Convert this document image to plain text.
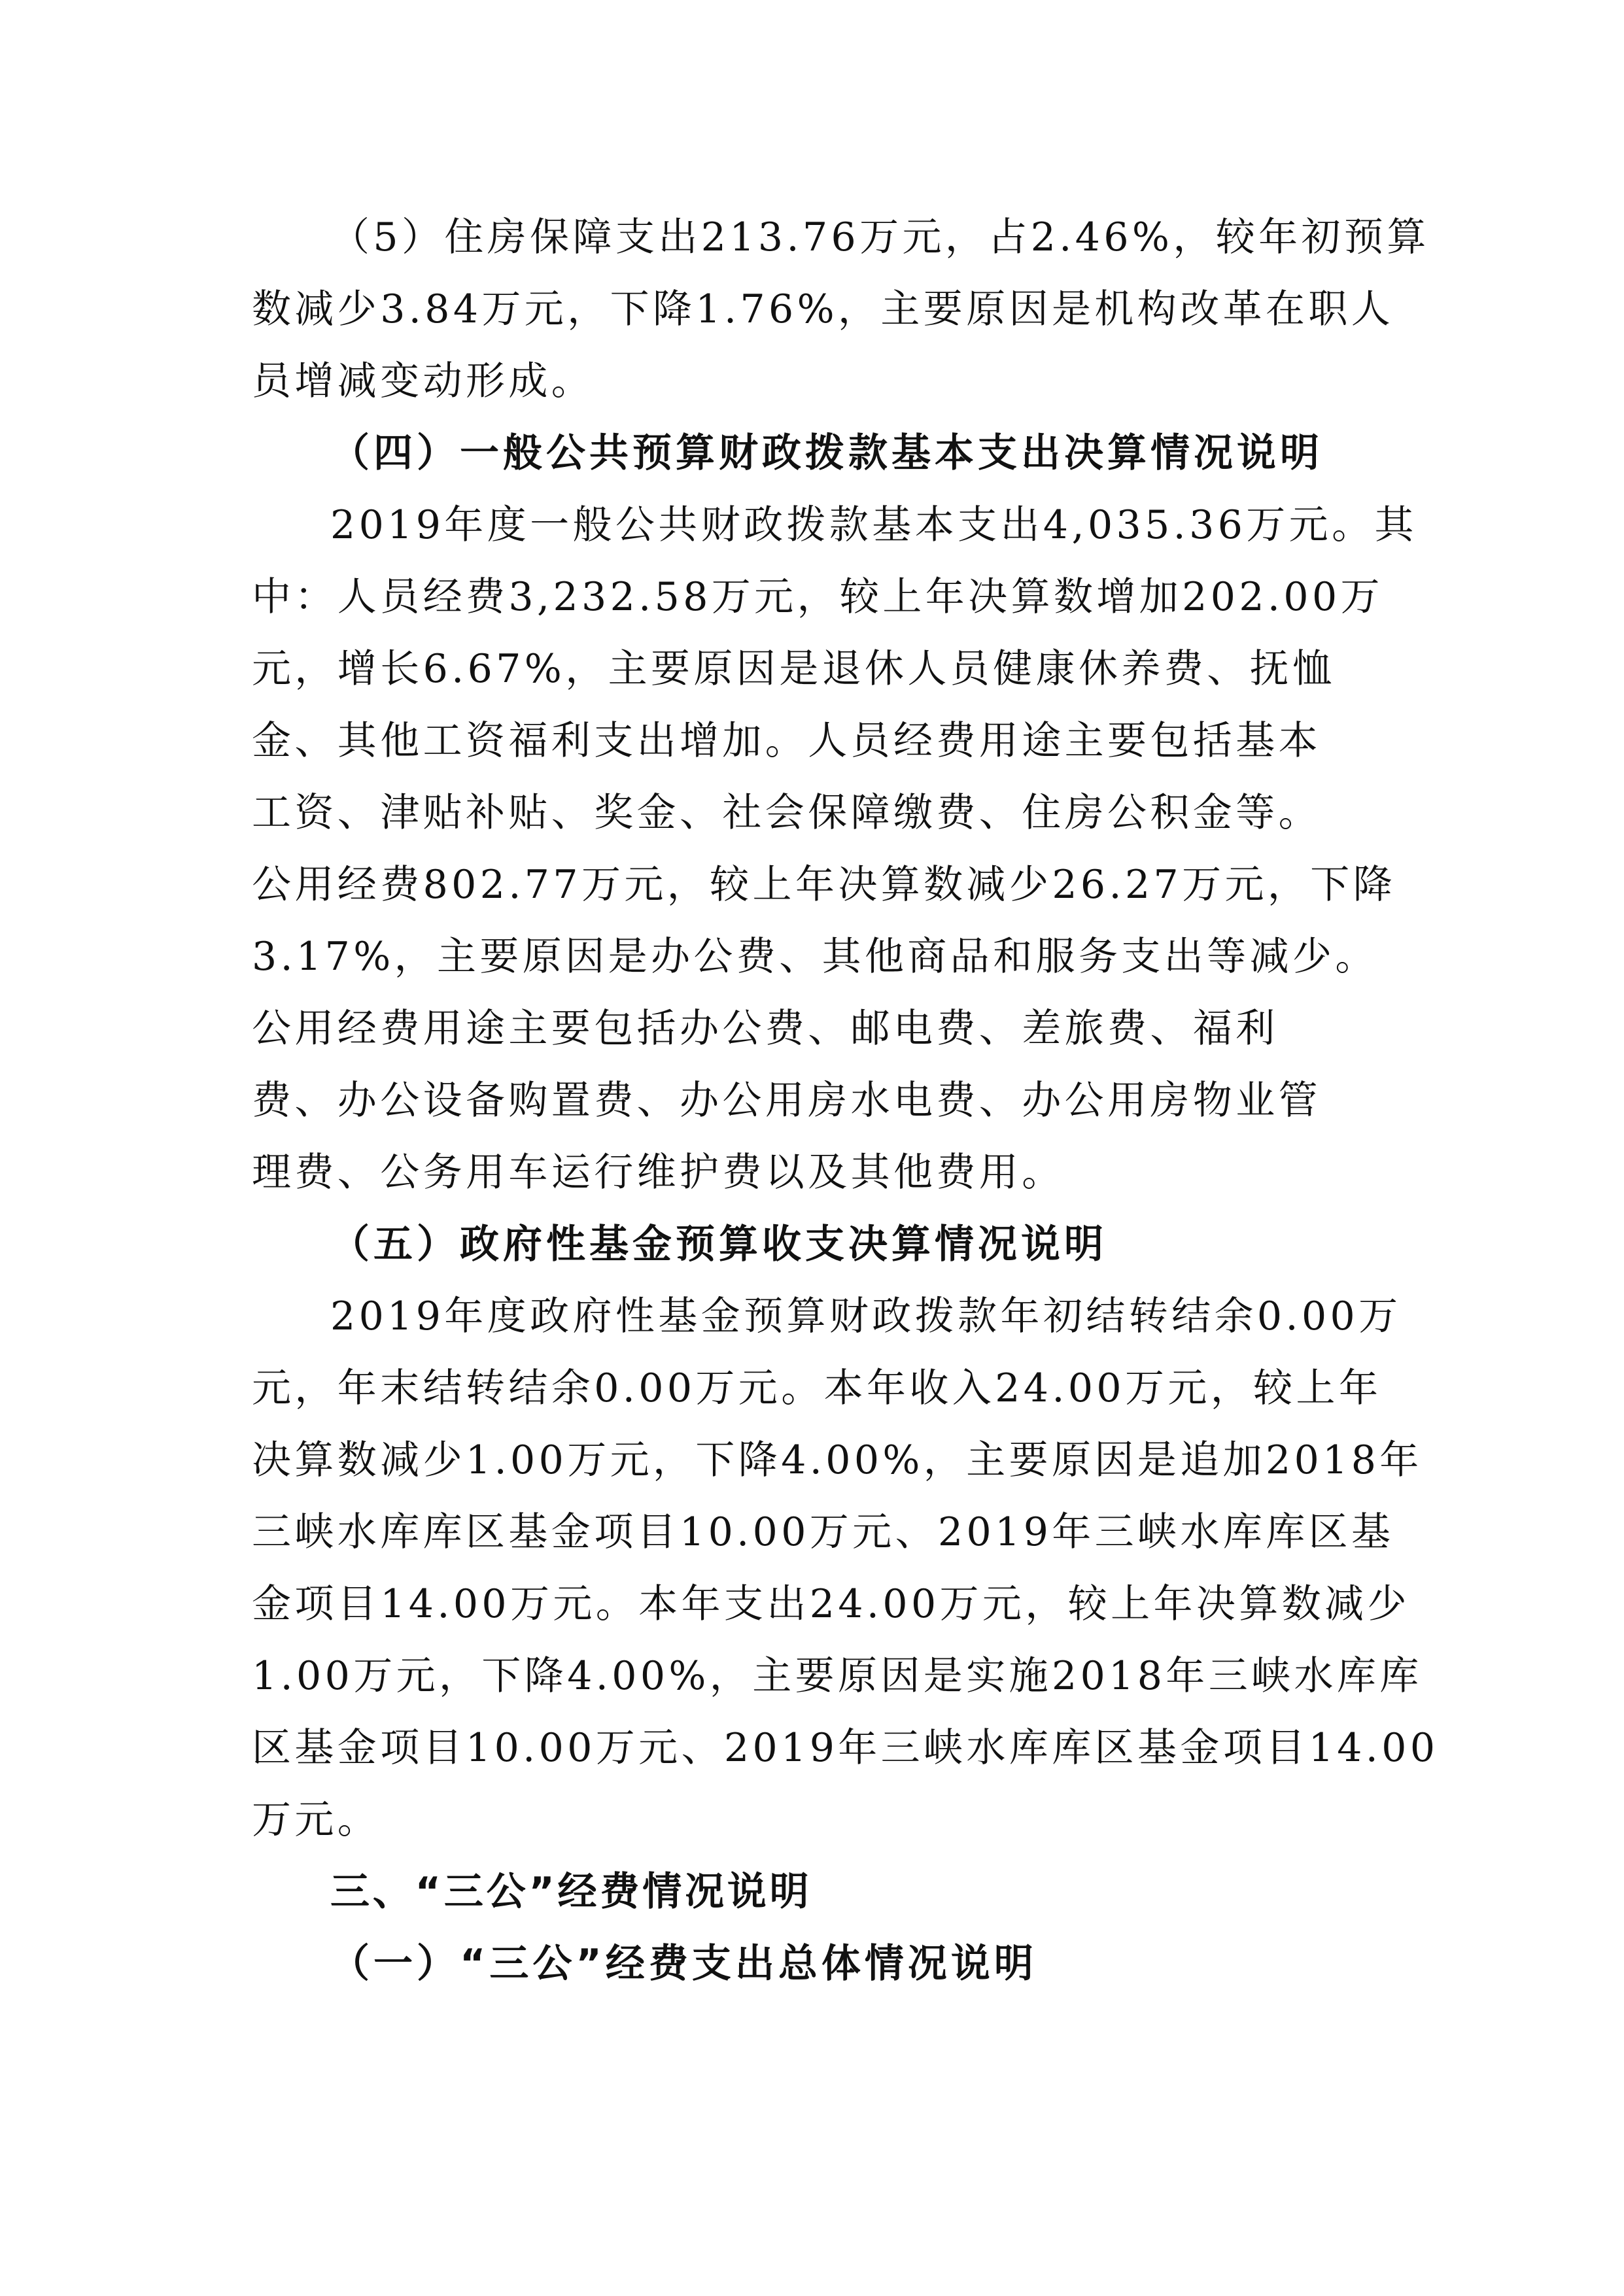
（5）住房保障支出213.76万元，占2.46%，较年初预算
数减少3.84万元，下降1.76%，主要原因是机构改革在职人
员增减变动形成。
（四）一般公共预算财政拨款基本支出决算情况说明
2019年度一般公共财政拨款基本支出4,035.36万元。其
中：人员经费3,232.58万元，较上年决算数增加202.00万
元，增长6.67%，主要原因是退休人员健康休养费、抚恤
金、其他工资福利支出增加。人员经费用途主要包括基本
工资、津贴补贴、奖金、社会保障缴费、住房公积金等。
公用经费802.77万元，较上年决算数减少26.27万元，下降
3.17%，主要原因是办公费、其他商品和服务支出等减少。
公用经费用途主要包括办公费、邮电费、差旅费、福利
费、办公设备购置费、办公用房水电费、办公用房物业管
理费、公务用车运行维护费以及其他费用。
（五）政府性基金预算收支决算情况说明
2019年度政府性基金预算财政拨款年初结转结余0.00万
元，年末结转结余0.00万元。本年收入24.00万元，较上年
决算数减少1.00万元，下降4.00%，主要原因是追加2018年
三峡水库库区基金项目10.00万元、2019年三峡水库库区基
金项目14.00万元。本年支出24.00万元，较上年决算数减少
1.00万元，下降4.00%，主要原因是实施2018年三峡水库库
区基金项目10.00万元、2019年三峡水库库区基金项目14.00
万元。
三、“三公”经费情况说明
（一）“三公”经费支出总体情况说明
